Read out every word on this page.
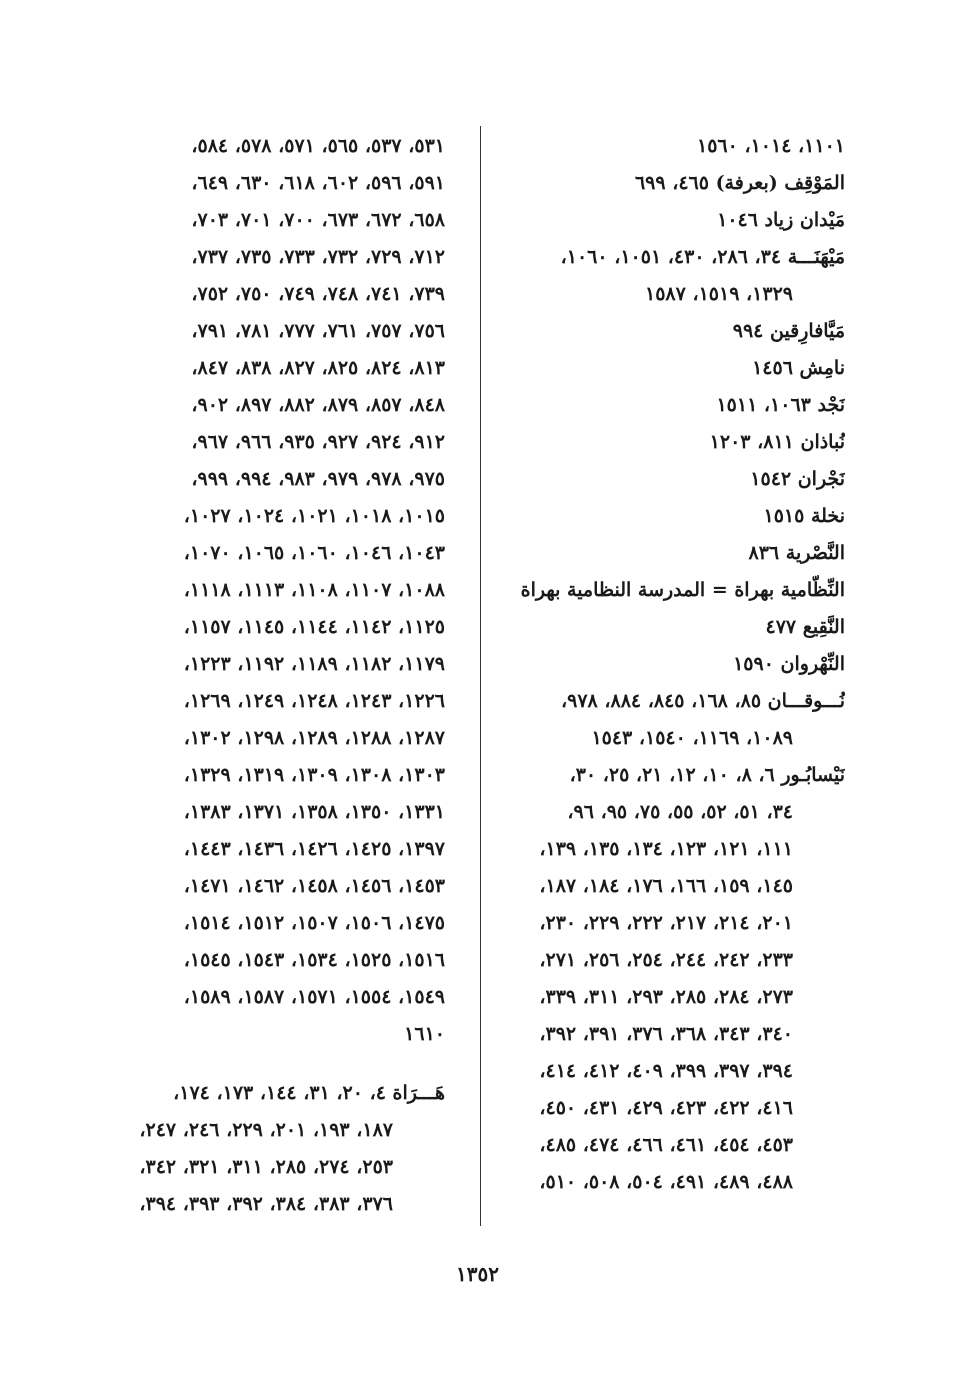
١١٠١، ١٠١٤، ١٥٦٠
المَوْقِف (بعرفة) ٤٦٥، ٦٩٩
مَيْدان زياد ١٠٤٦
مَيْهَنَـــة ٣٤، ٢٨٦، ٤٣٠، ١٠٥١، ١٠٦٠،
١٣٢٩، ١٥١٩، ١٥٨٧
مَيَّافارِقين ٩٩٤
نامِش ١٤٥٦
نَجْد ١٠٦٣، ١٥١١
نُباذان ٨١١، ١٢٠٣
نَجْران ١٥٤٢
نخلة ١٥١٥
النَّصْرية ٨٣٦
النِّظّامية بهراة = المدرسة النظامية بهراة
النَّقِيع ٤٧٧
النِّهْروان ١٥٩٠
نُـــوقـــان ٨٥، ١٦٨، ٨٤٥، ٨٨٤، ٩٧٨،
١٠٨٩، ١١٦٩، ١٥٤٠، ١٥٤٣
نَيْسابُـور ٦، ٨، ١٠، ١٢، ٢١، ٢٥، ٣٠،
٣٤، ٥١، ٥٢، ٥٥، ٧٥، ٩٥، ٩٦،
١١١، ١٢١، ١٢٣، ١٣٤، ١٣٥، ١٣٩،
١٤٥، ١٥٩، ١٦٦، ١٧٦، ١٨٤، ١٨٧،
٢٠١، ٢١٤، ٢١٧، ٢٢٢، ٢٢٩، ٢٣٠،
٢٣٣، ٢٤٢، ٢٤٤، ٢٥٤، ٢٥٦، ٢٧١،
٢٧٣، ٢٨٤، ٢٨٥، ٢٩٣، ٣١١، ٣٣٩،
٣٤٠، ٣٤٣، ٣٦٨، ٣٧٦، ٣٩١، ٣٩٢،
٣٩٤، ٣٩٧، ٣٩٩، ٤٠٩، ٤١٢، ٤١٤،
٤١٦، ٤٢٢، ٤٢٣، ٤٢٩، ٤٣١، ٤٥٠،
٤٥٣، ٤٥٤، ٤٦١، ٤٦٦، ٤٧٤، ٤٨٥،
٤٨٨، ٤٨٩، ٤٩١، ٥٠٤، ٥٠٨، ٥١٠،
٥٣١، ٥٣٧، ٥٦٥، ٥٧١، ٥٧٨، ٥٨٤،
٥٩١، ٥٩٦، ٦٠٢، ٦١٨، ٦٣٠، ٦٤٩،
٦٥٨، ٦٧٢، ٦٧٣، ٧٠٠، ٧٠١، ٧٠٣،
٧١٢، ٧٢٩، ٧٣٢، ٧٣٣، ٧٣٥، ٧٣٧،
٧٣٩، ٧٤١، ٧٤٨، ٧٤٩، ٧٥٠، ٧٥٢،
٧٥٦، ٧٥٧، ٧٦١، ٧٧٧، ٧٨١، ٧٩١،
٨١٣، ٨٢٤، ٨٢٥، ٨٢٧، ٨٣٨، ٨٤٧،
٨٤٨، ٨٥٧، ٨٧٩، ٨٨٢، ٨٩٧، ٩٠٢،
٩١٢، ٩٢٤، ٩٢٧، ٩٣٥، ٩٦٦، ٩٦٧،
٩٧٥، ٩٧٨، ٩٧٩، ٩٨٣، ٩٩٤، ٩٩٩،
١٠١٥، ١٠١٨، ١٠٢١، ١٠٢٤، ١٠٢٧،
١٠٤٣، ١٠٤٦، ١٠٦٠، ١٠٦٥، ١٠٧٠،
١٠٨٨، ١١٠٧، ١١٠٨، ١١١٣، ١١١٨،
١١٢٥، ١١٤٢، ١١٤٤، ١١٤٥، ١١٥٧،
١١٧٩، ١١٨٢، ١١٨٩، ١١٩٢، ١٢٢٣،
١٢٢٦، ١٢٤٣، ١٢٤٨، ١٢٤٩، ١٢٦٩،
١٢٨٧، ١٢٨٨، ١٢٨٩، ١٢٩٨، ١٣٠٢،
١٣٠٣، ١٣٠٨، ١٣٠٩، ١٣١٩، ١٣٢٩،
١٣٣١، ١٣٥٠، ١٣٥٨، ١٣٧١، ١٣٨٣،
١٣٩٧، ١٤٢٥، ١٤٢٦، ١٤٣٦، ١٤٤٣،
١٤٥٣، ١٤٥٦، ١٤٥٨، ١٤٦٢، ١٤٧١،
١٤٧٥، ١٥٠٦، ١٥٠٧، ١٥١٢، ١٥١٤،
١٥١٦، ١٥٢٥، ١٥٣٤، ١٥٤٣، ١٥٤٥،
١٥٤٩، ١٥٥٤، ١٥٧١، ١٥٨٧، ١٥٨٩،
١٦١٠
هَـــرَاة ٤، ٢٠، ٣١، ١٤٤، ١٧٣، ١٧٤،
١٨٧، ١٩٣، ٢٠١، ٢٢٩، ٢٤٦، ٢٤٧،
٢٥٣، ٢٧٤، ٢٨٥، ٣١١، ٣٢١، ٣٤٢،
٣٧٦، ٣٨٣، ٣٨٤، ٣٩٢، ٣٩٣، ٣٩٤،
١٣٥٢
